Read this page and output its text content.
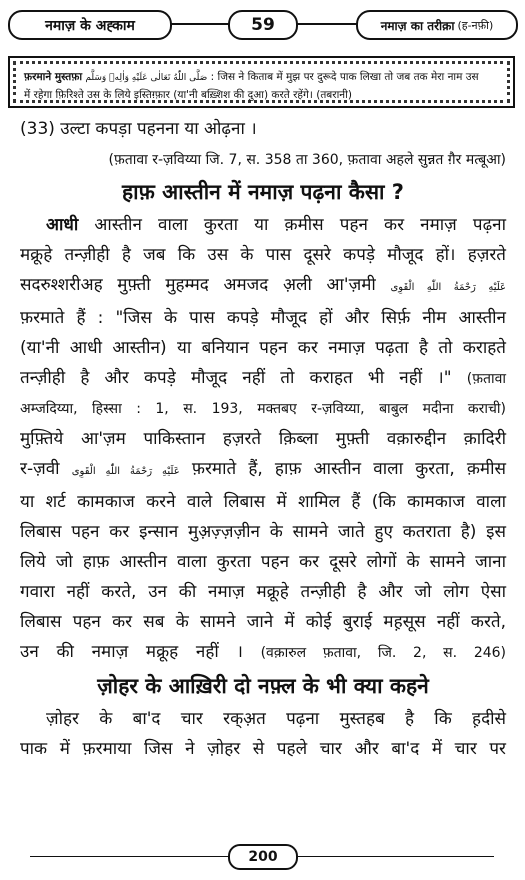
नमाज़ के अह्काम	59	नमाज़ का तरीक़ा (ह-नफ़ी)
फ़रमाने मुस्तफ़ा صَلَّى اللّٰهُ تَعَالٰى عَلَيْهِ وَاٰلِهٖ وَسَلَّم : जिस ने किताब में मुझ पर दुरूदे पाक लिखा तो जब तक मेरा नाम उस
में रहेगा फ़िरिश्ते उस के लिये इस्तिग़्फ़ार (या'नी बख़्शिश की दुआ) करते रहेंगे। (तबरानी)
(33) उल्टा कपड़ा पहनना या ओढ़ना ।
(फ़तावा र-ज़विय्या जि. 7, स. 358 ता 360, फ़तावा अहले सुन्नत ग़ैर मत्बूआ)
हाफ़ आस्तीन में नमाज़ पढ़ना कैसा ?
आधी आस्तीन वाला कुरता या क़मीस पहन कर नमाज़ पढ़ना
मक्रूहे तन्ज़ीही है जब कि उस के पास दूसरे कपड़े मौजूद हों। हज़रते
सदरुश्शरीअह मुफ़्ती मुहम्मद अमजद अ़ली आ'ज़मी عَلَيْهِ رَحْمَةُ اللّٰهِ الْقَوِى
फ़रमाते हैं : "जिस के पास कपड़े मौजूद हों और सिर्फ़ नीम आस्तीन
(या'नी आधी आस्तीन) या बनियान पहन कर नमाज़ पढ़ता है तो कराहते
तन्ज़ीही है और कपड़े मौजूद नहीं तो कराहत भी नहीं ।" (फ़तावा
अम्जदिय्या, हिस्सा : 1, स. 193, मक्तबए र-ज़विय्या, बाबुल मदीना कराची)
मुफ़्तिये आ'ज़म पाकिस्तान हज़रते क़िब्ला मुफ़्ती वक़ारुद्दीन क़ादिरी
र-ज़वी عَلَيْهِ رَحْمَةُ اللّٰهِ الْقَوِى फ़रमाते हैं, हाफ़ आस्तीन वाला कुरता, क़मीस
या शर्ट कामकाज करने वाले लिबास में शामिल हैं (कि कामकाज वाला
लिबास पहन कर इन्सान मुअ़ज़्ज़ज़ीन के सामने जाते हुए कतराता है) इस
लिये जो हाफ़ आस्तीन वाला कुरता पहन कर दूसरे लोगों के सामने जाना
गवारा नहीं करते, उन की नमाज़ मक्रूहे तन्ज़ीही है और जो लोग ऐसा
लिबास पहन कर सब के सामने जाने में कोई बुराई मह़सूस नहीं करते,
उन की नमाज़ मक्रूह नहीं । (वक़ारुल फ़तावा, जि. 2, स. 246)
ज़ोहर के आख़िरी दो नफ़्ल के भी क्या कहने
ज़ोहर के बा'द चार रक्अ़त पढ़ना मुस्तहब है कि ह़दीसे
पाक में फ़रमाया जिस ने ज़ोहर से पहले चार और बा'द में चार पर
200
